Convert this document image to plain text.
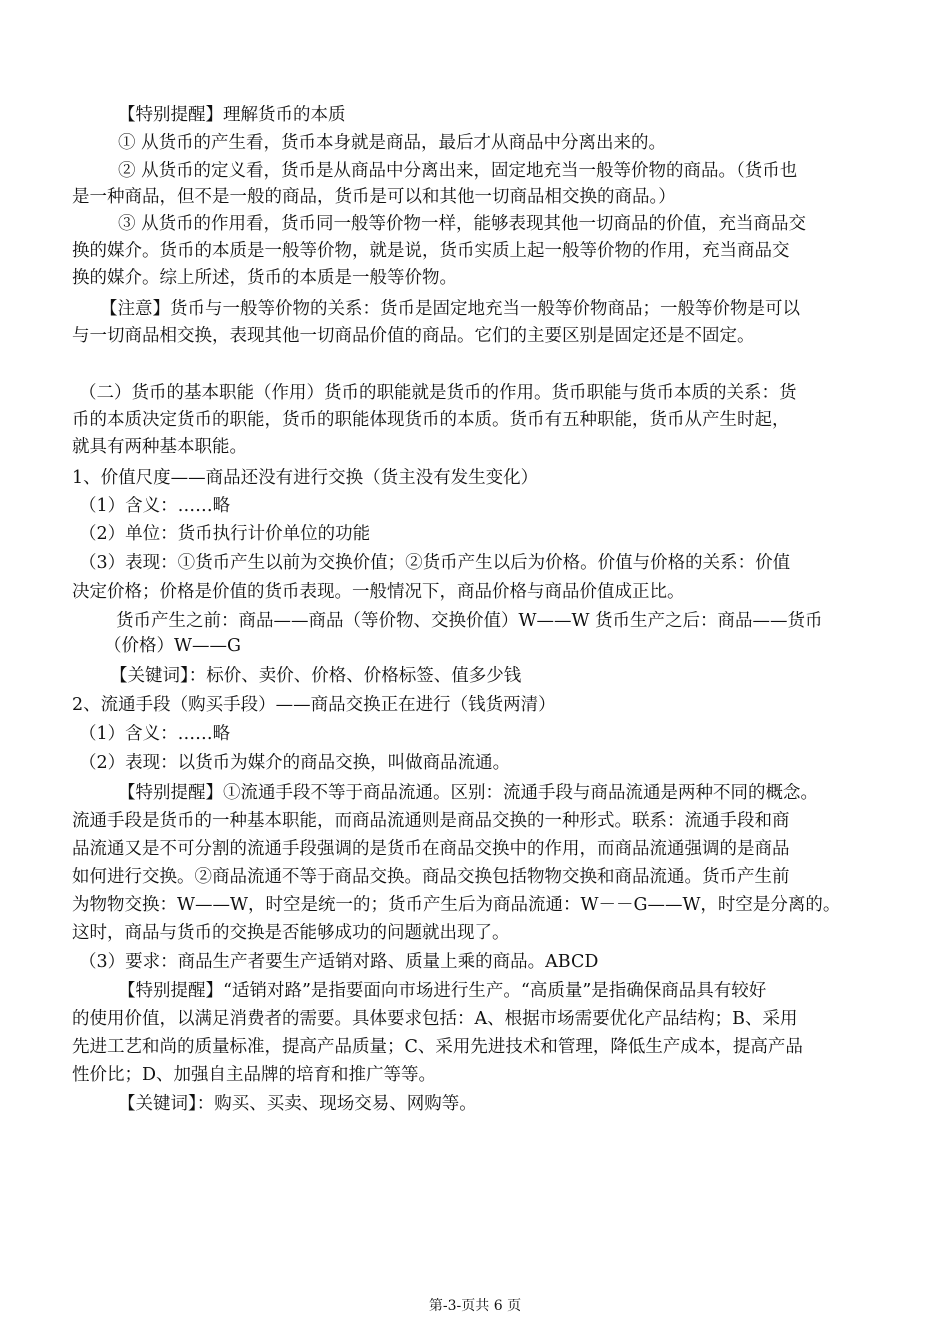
【特别提醒】理解货币的本质
① 从货币的产生看，货币本身就是商品，最后才从商品中分离出来的。
② 从货币的定义看，货币是从商品中分离出来，固定地充当一般等价物的商品。（货币也
是一种商品，但不是一般的商品，货币是可以和其他一切商品相交换的商品。）
③ 从货币的作用看，货币同一般等价物一样，能够表现其他一切商品的价值，充当商品交
换的媒介。货币的本质是一般等价物，就是说，货币实质上起一般等价物的作用，充当商品交
换的媒介。综上所述，货币的本质是一般等价物。
【注意】货币与一般等价物的关系：货币是固定地充当一般等价物商品；一般等价物是可以
与一切商品相交换，表现其他一切商品价值的商品。它们的主要区别是固定还是不固定。
（二）货币的基本职能（作用）货币的职能就是货币的作用。货币职能与货币本质的关系：货
币的本质决定货币的职能，货币的职能体现货币的本质。货币有五种职能，货币从产生时起，
就具有两种基本职能。
1、价值尺度——商品还没有进行交换（货主没有发生变化）
（1）含义：……略
（2）单位：货币执行计价单位的功能
（3）表现：①货币产生以前为交换价值；②货币产生以后为价格。价值与价格的关系：价值
决定价格；价格是价值的货币表现。一般情况下，商品价格与商品价值成正比。
货币产生之前：商品——商品（等价物、交换价值）W——W 货币生产之后：商品——货币
（价格）W——G
【关键词】：标价、卖价、价格、价格标签、值多少钱
2、流通手段（购买手段）——商品交换正在进行（钱货两清）
（1）含义：……略
（2）表现：以货币为媒介的商品交换，叫做商品流通。
【特别提醒】①流通手段不等于商品流通。区别：流通手段与商品流通是两种不同的概念。
流通手段是货币的一种基本职能，而商品流通则是商品交换的一种形式。联系：流通手段和商
品流通又是不可分割的流通手段强调的是货币在商品交换中的作用，而商品流通强调的是商品
如何进行交换。②商品流通不等于商品交换。商品交换包括物物交换和商品流通。货币产生前
为物物交换：W——W，时空是统一的；货币产生后为商品流通：W－－G——W，时空是分离的。
这时，商品与货币的交换是否能够成功的问题就出现了。
（3）要求：商品生产者要生产适销对路、质量上乘的商品。ABCD
【特别提醒】“适销对路”是指要面向市场进行生产。“高质量”是指确保商品具有较好
的使用价值，以满足消费者的需要。具体要求包括：A、根据市场需要优化产品结构；B、采用
先进工艺和尚的质量标准，提高产品质量；C、采用先进技术和管理，降低生产成本，提高产品
性价比；D、加强自主品牌的培育和推广等等。
【关键词】：购买、买卖、现场交易、网购等。
第-3-页共 6 页
